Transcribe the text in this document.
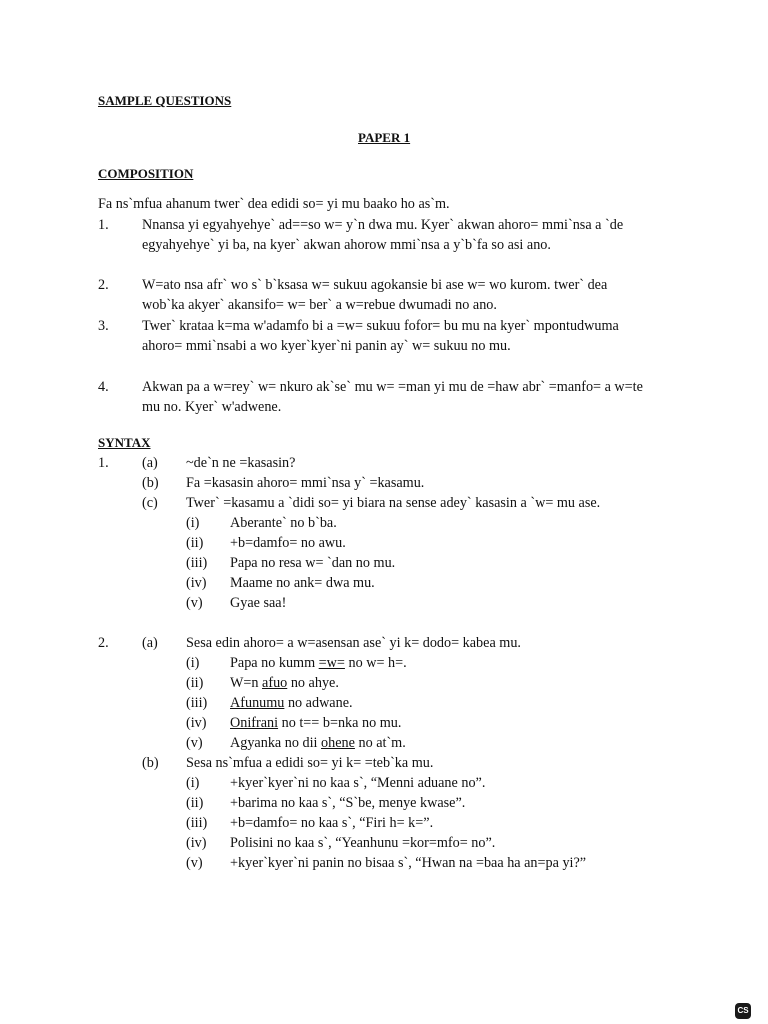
SAMPLE QUESTIONS
PAPER 1
COMPOSITION
Fa ns`mfua ahanum twer` dea edidi so= yi mu baako ho as`m.
1. Nnansa yi egyahyehye` ad==so w= y`n dwa mu. Kyer` akwan ahoro= mmi`nsa a `de
egyahyehye` yi ba, na kyer` akwan ahorow mmi`nsa a y`b`fa so asi ano.
2. W=ato nsa afr` wo s` b`ksasa w= sukuu agokansie bi ase w= wo kurom. twer` dea
wob`ka akyer` akansifo= w= ber` a w=rebue dwumadi no ano.
3. Twer` krataa k=ma w'adamfo bi a =w= sukuu fofor= bu mu na kyer` mpontudwuma
ahoro= mmi`nsabi a wo kyer`kyer`ni panin ay` w= sukuu no mu.
4. Akwan pa a w=rey` w= nkuro ak`se` mu w= =man yi mu de =haw abr` =manfo= a w=te
mu no. Kyer` w'adwene.
SYNTAX
1. (a) ~de`n ne =kasasin?
(b) Fa =kasasin ahoro= mmi`nsa y` =kasamu.
(c) Twer` =kasamu a `didi so= yi biara na sense adey` kasasin a `w= mu ase.
(i) Aberante` no b`ba.
(ii) +b=damfo= no awu.
(iii) Papa no resa w= `dan no mu.
(iv) Maame no ank= dwa mu.
(v) Gyae saa!
2. (a) Sesa edin ahoro= a w=asensan ase` yi k= dodo= kabea mu.
(i) Papa no kumm =w= no w= h=.
(ii) W=n afuo no ahye.
(iii) Afunumu no adwane.
(iv) Onifrani no t== b=nka no mu.
(v) Agyanka no dii ohene no at`m.
(b) Sesa ns`mfua a edidi so= yi k= =teb`ka mu.
(i) +kyer`kyer`ni no kaa s`, “Menni aduane no”.
(ii) +barima no kaa s`, “S`be, menye kwase”.
(iii) +b=damfo= no kaa s`, “Firi h= k=”.
(iv) Polisini no kaa s`, “Yeanhunu =kor=mfo= no”.
(v) +kyer`kyer`ni panin no bisaa s`, “Hwan na =baa ha an=pa yi?”
CS
